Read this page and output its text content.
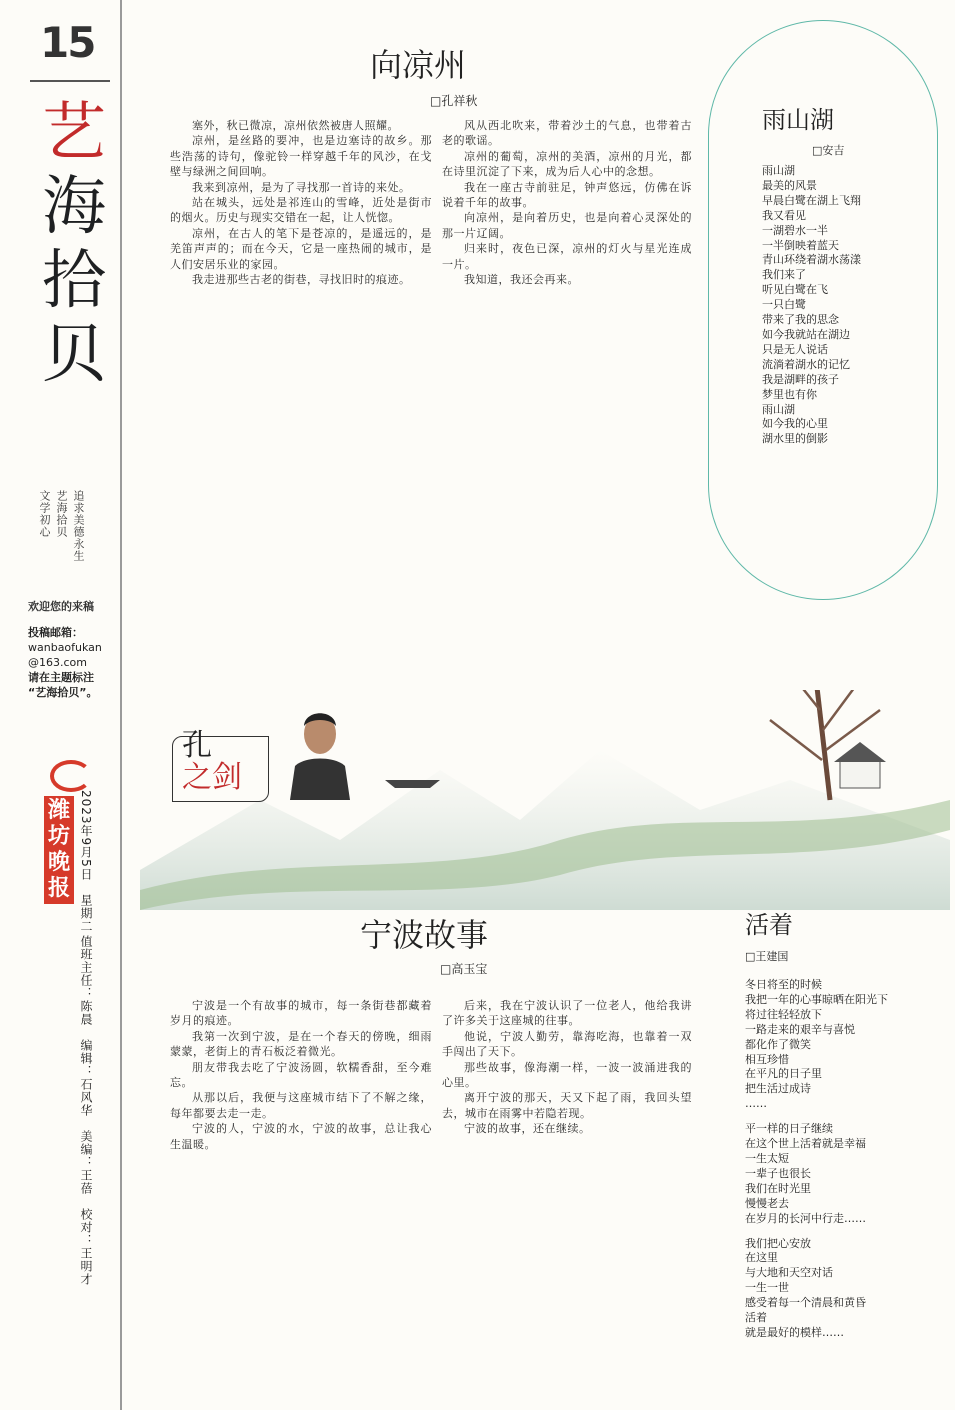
15
艺
海
拾
贝
追求美德永生
艺海拾贝
文学初心
欢迎您的来稿
投稿邮箱：
wanbaofukan
@163.com
请在主题标注
“艺海拾贝”。
潍坊晚报
2023年9月5日　星期二
值班主任：陈晨　编辑：石风华　美编：王蓓　校对：王明才
向凉州
□孔祥秋

塞外，秋已微凉，凉州依然被唐人照耀。

凉州，是丝路的要冲，也是边塞诗的故乡。那些浩荡的诗句，像驼铃一样穿越千年的风沙，在戈壁与绿洲之间回响。

我来到凉州，是为了寻找那一首诗的来处。

站在城头，远处是祁连山的雪峰，近处是街市的烟火。历史与现实交错在一起，让人恍惚。

凉州，在古人的笔下是苍凉的，是遥远的，是羌笛声声的；而在今天，它是一座热闹的城市，是人们安居乐业的家园。

我走进那些古老的街巷，寻找旧时的痕迹。

风从西北吹来，带着沙土的气息，也带着古老的歌谣。

凉州的葡萄，凉州的美酒，凉州的月光，都在诗里沉淀了下来，成为后人心中的念想。

我在一座古寺前驻足，钟声悠远，仿佛在诉说着千年的故事。

向凉州，是向着历史，也是向着心灵深处的那一片辽阔。

归来时，夜色已深，凉州的灯火与星光连成一片。

我知道，我还会再来。

雨山湖
□安吉
雨山湖
最美的风景
早晨白鹭在湖上飞翔
我又看见
一湖碧水一半
一半倒映着蓝天
青山环绕着湖水荡漾
我们来了
听见白鹭在飞
一只白鹭
带来了我的思念
如今我就站在湖边
只是无人说话
流淌着湖水的记忆
我是湖畔的孩子
梦里也有你
雨山湖
如今我的心里
湖水里的倒影
孔
之剑
宁波故事
□高玉宝

宁波是一个有故事的城市，每一条街巷都藏着岁月的痕迹。

我第一次到宁波，是在一个春天的傍晚，细雨蒙蒙，老街上的青石板泛着微光。

朋友带我去吃了宁波汤圆，软糯香甜，至今难忘。

从那以后，我便与这座城市结下了不解之缘，每年都要去走一走。

宁波的人，宁波的水，宁波的故事，总让我心生温暖。

后来，我在宁波认识了一位老人，他给我讲了许多关于这座城的往事。

他说，宁波人勤劳，靠海吃海，也靠着一双手闯出了天下。

那些故事，像海潮一样，一波一波涌进我的心里。

离开宁波的那天，天又下起了雨，我回头望去，城市在雨雾中若隐若现。

宁波的故事，还在继续。

活着
□王建国
冬日将至的时候
我把一年的心事晾晒在阳光下
将过往轻轻放下
一路走来的艰辛与喜悦
都化作了微笑
相互珍惜
在平凡的日子里
把生活过成诗
……
平一样的日子继续
在这个世上活着就是幸福
一生太短
一辈子也很长
我们在时光里
慢慢老去
在岁月的长河中行走……
我们把心安放
在这里
与大地和天空对话
一生一世
感受着每一个清晨和黄昏
活着
就是最好的模样……
